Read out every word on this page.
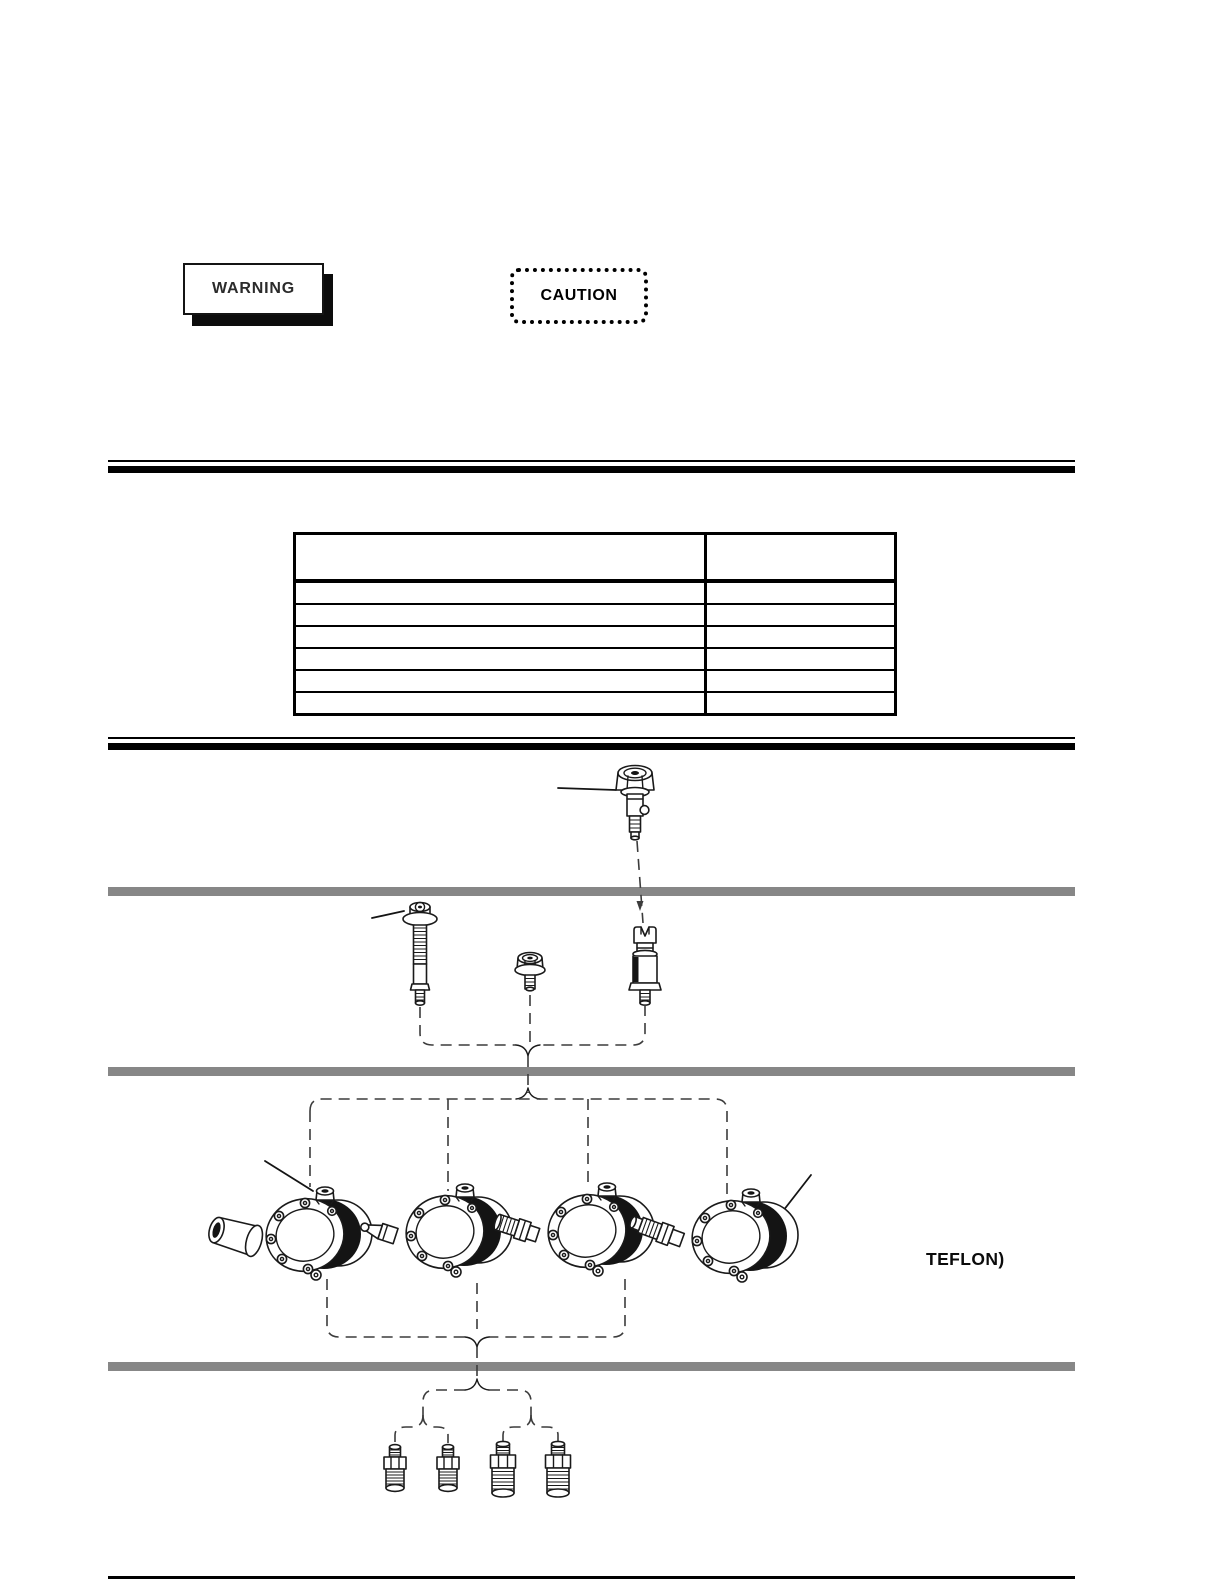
WARNING	CAUTION

TEFLON)
